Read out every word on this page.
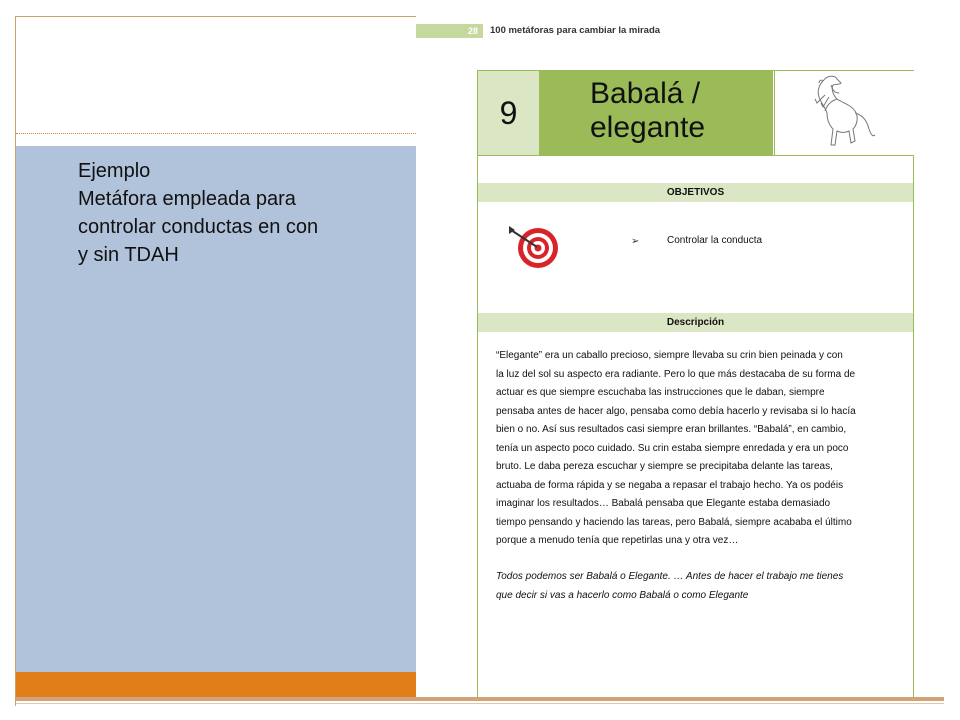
Ejemplo
Metáfora empleada para
controlar conductas en con
y sin TDAH
28	100 metáforas para cambiar la mirada
9
Babalá /
elegante
OBJETIVOS
➢	Controlar la conducta
Descripción
“Elegante” era un caballo precioso, siempre llevaba su crin bien peinada y con
la luz del sol su aspecto era radiante. Pero lo que más destacaba de su forma de
actuar es que siempre escuchaba las instrucciones que le daban, siempre
pensaba antes de hacer algo, pensaba como debía hacerlo y revisaba si lo hacía
bien o no. Así sus resultados casi siempre eran brillantes. “Babalá”, en cambio,
tenía un aspecto poco cuidado. Su crin estaba siempre enredada y era un poco
bruto. Le daba pereza escuchar y siempre se precipitaba delante las tareas,
actuaba de forma rápida y se negaba a repasar el trabajo hecho. Ya os podéis
imaginar los resultados… Babalá pensaba que Elegante estaba demasiado
tiempo pensando y haciendo las tareas, pero Babalá, siempre acababa el último
porque a menudo tenía que repetirlas una y otra vez…
Todos podemos ser Babalá o Elegante. … Antes de hacer el trabajo me tienes
que decir si vas a hacerlo como Babalá o como Elegante
